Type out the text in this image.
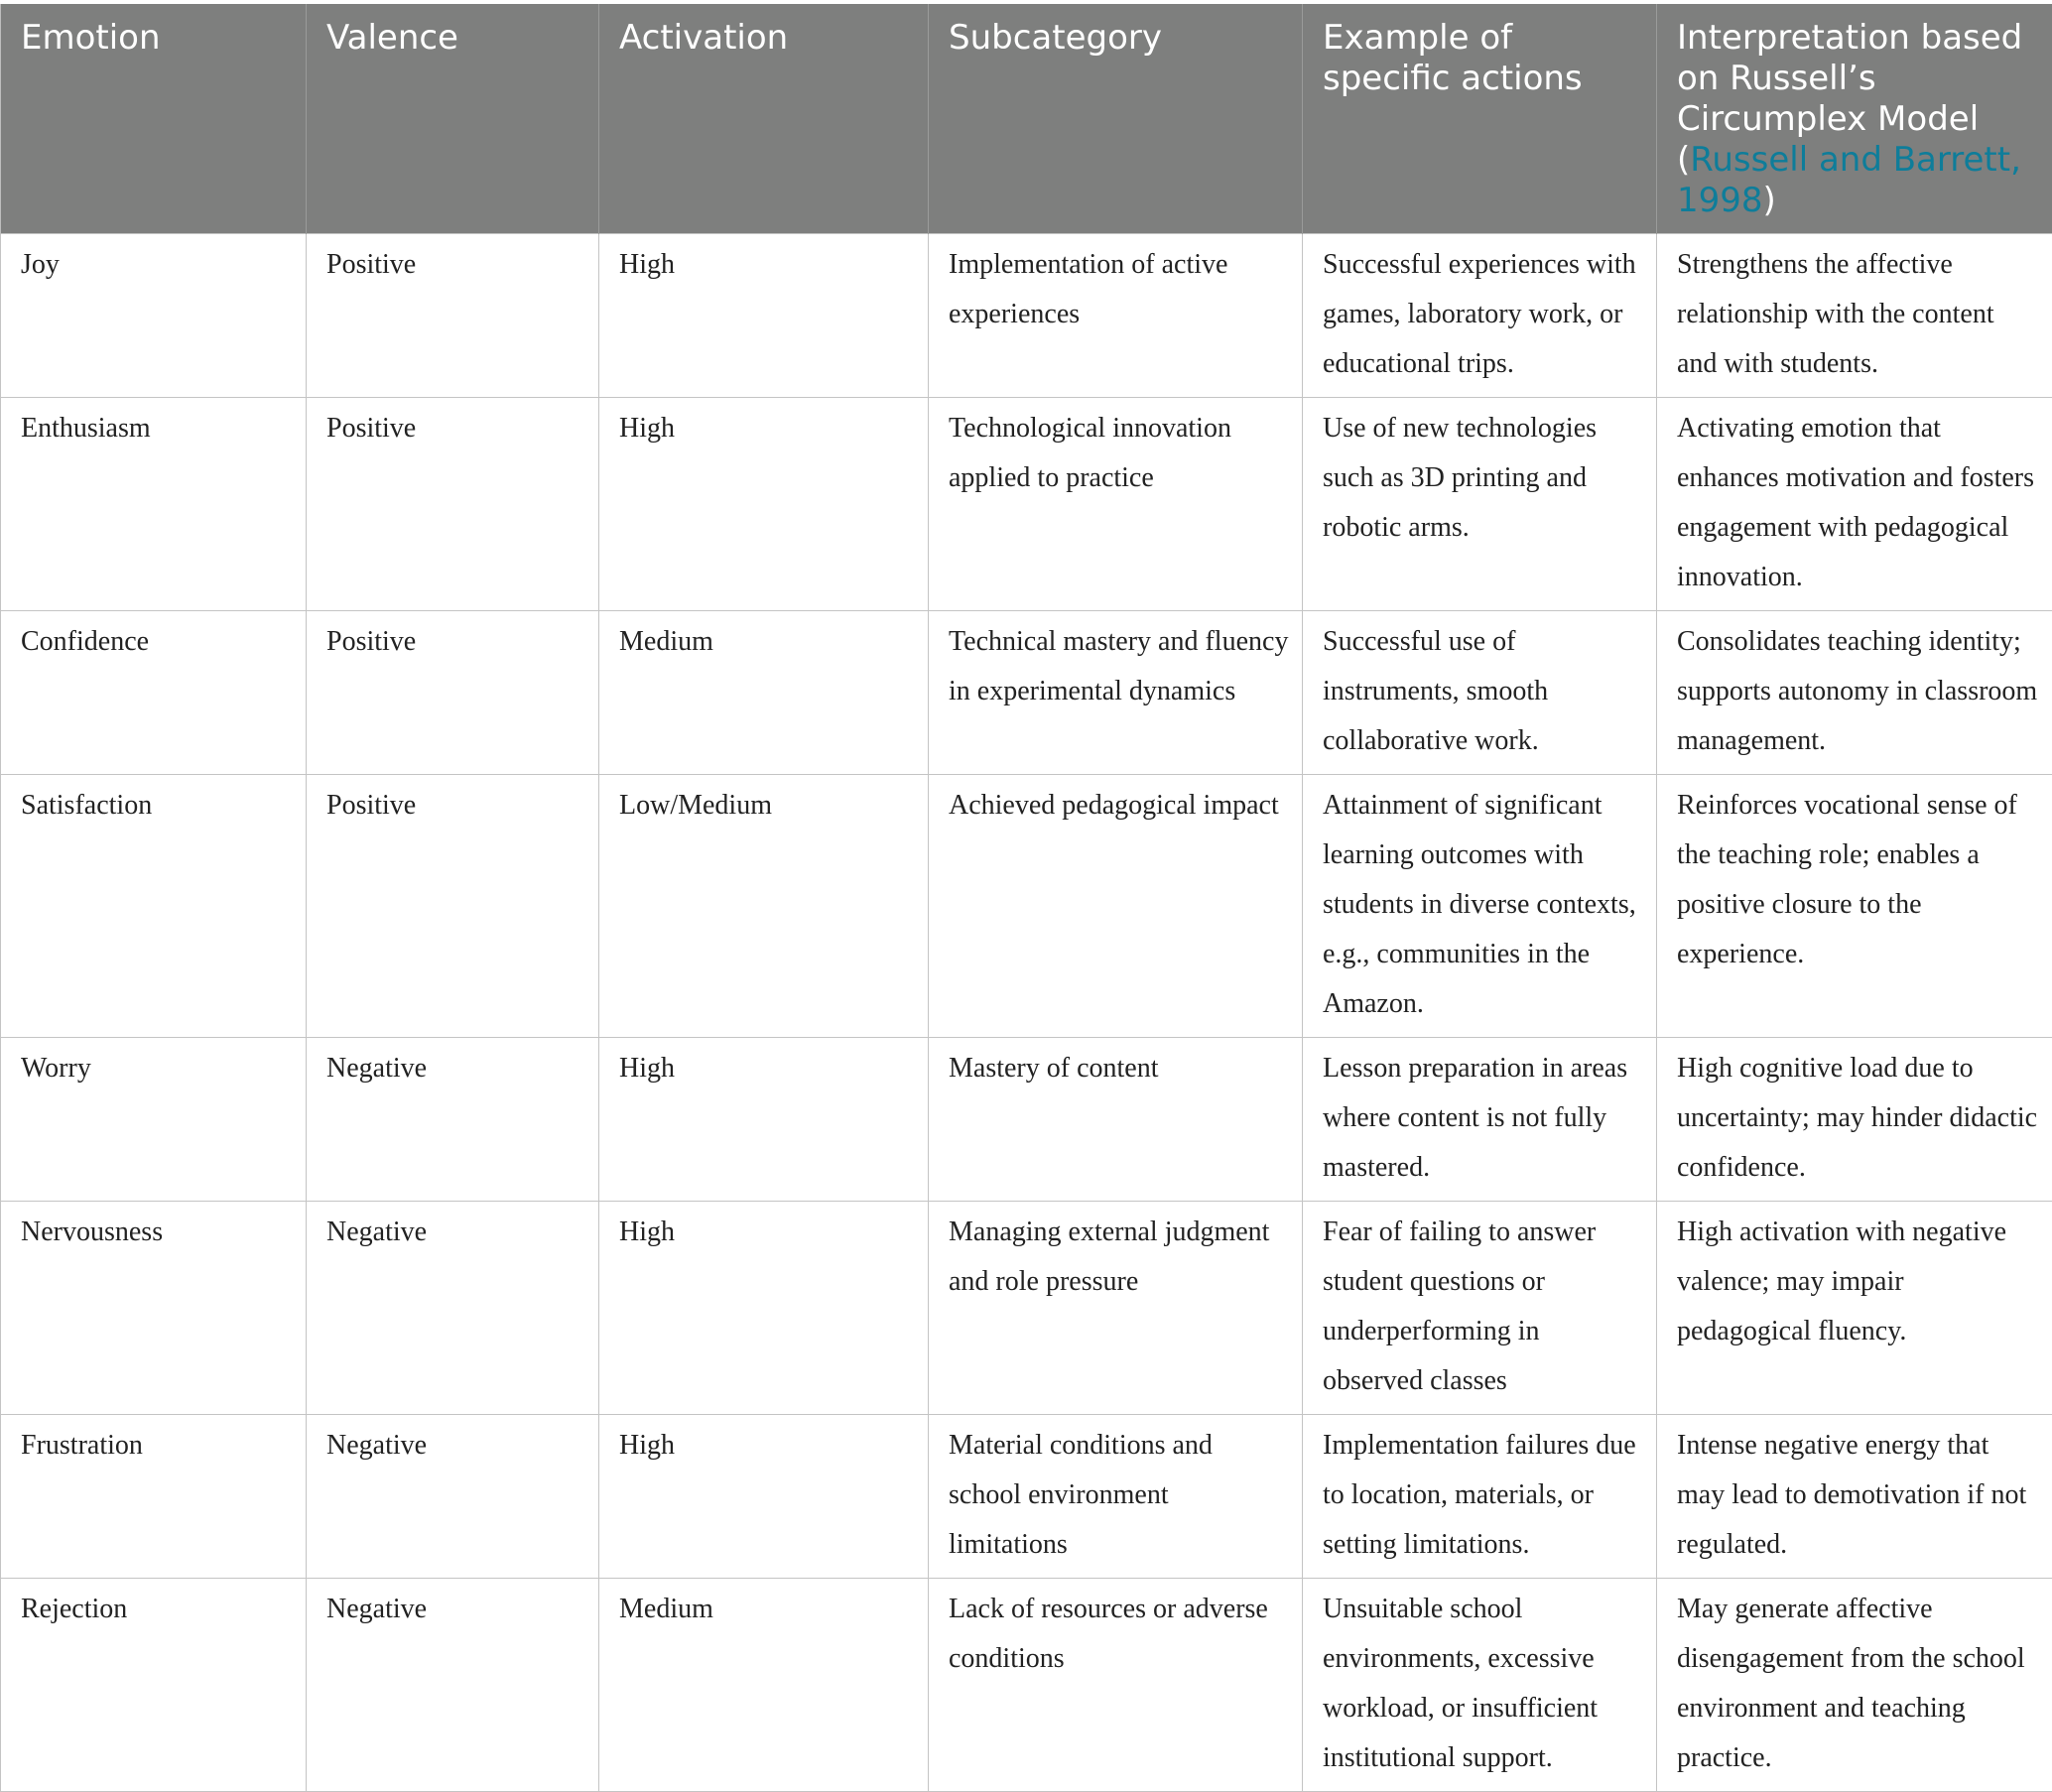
Emotion	Valence	Activation	Subcategory	Example of specific actions	Interpretation based on Russell’s Circumplex Model (Russell and Barrett, 1998)
Joy	Positive	High	Implementation of active experiences	Successful experiences with games, laboratory work, or educational trips.	Strengthens the affective relationship with the content and with students.
Enthusiasm	Positive	High	Technological innovation applied to practice	Use of new technologies such as 3D printing and robotic arms.	Activating emotion that enhances motivation and fosters engagement with pedagogical innovation.
Confidence	Positive	Medium	Technical mastery and fluency in experimental dynamics	Successful use of instruments, smooth collaborative work.	Consolidates teaching identity; supports autonomy in classroom management.
Satisfaction	Positive	Low/Medium	Achieved pedagogical impact	Attainment of significant learning outcomes with students in diverse contexts, e.g., communities in the Amazon.	Reinforces vocational sense of the teaching role; enables a positive closure to the experience.
Worry	Negative	High	Mastery of content	Lesson preparation in areas where content is not fully mastered.	High cognitive load due to uncertainty; may hinder didactic confidence.
Nervousness	Negative	High	Managing external judgment and role pressure	Fear of failing to answer student questions or underperforming in observed classes	High activation with negative valence; may impair pedagogical fluency.
Frustration	Negative	High	Material conditions and school environment limitations	Implementation failures due to location, materials, or setting limitations.	Intense negative energy that may lead to demotivation if not regulated.
Rejection	Negative	Medium	Lack of resources or adverse conditions	Unsuitable school environments, excessive workload, or insufficient institutional support.	May generate affective disengagement from the school environment and teaching practice.
